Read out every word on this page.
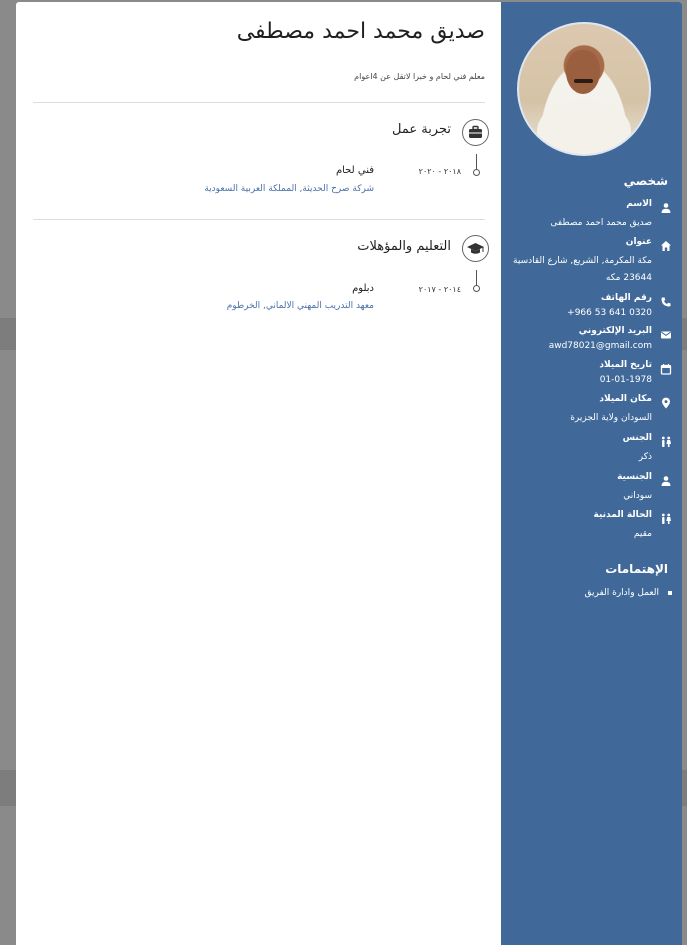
صديق محمد احمد مصطفى
معلم فني لحام و خبرا لاتقل عن 4اعوام
تجربة عمل
٢٠١٨ - ٢٠٢٠
فني لحام
شركة صرح الحديثة, المملكة العربية السعودية
التعليم والمؤهلات
٢٠١٤ - ٢٠١٧
دبلوم
معهد التدريب المهني الالماني, الخرطوم
شخصي
الاسم
صديق محمد احمد مصطفى
عنوان
مكة المكرمة, الشريع, شارع القادسية
23644 مكه
رقم الهاتف
+966 53 641 0320
البريد الإلكتروني
awd78021@gmail.com
تاريخ الميلاد
01-01-1978
مكان الميلاد
السودان ولاية الجزيرة
الجنس
ذكر
الجنسية
سوداني
الحالة المدنية
مقيم
الإهتمامات
العمل وادارة الفريق
